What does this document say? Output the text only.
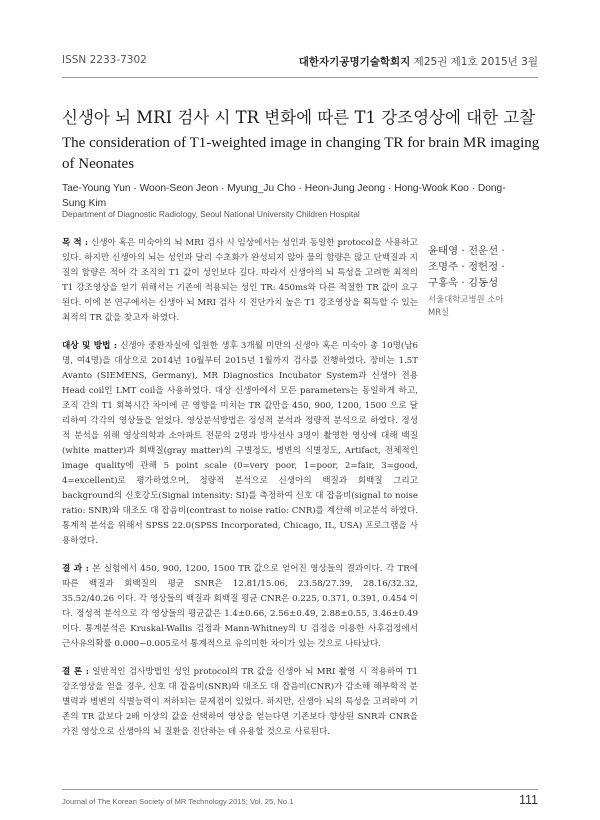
ISSN 2233-7302	대한자기공명기술학회지 제25권 제1호 2015년 3월
신생아 뇌 MRI 검사 시 TR 변화에 따른 T1 강조영상에 대한 고찰
The consideration of T1-weighted image in changing TR for brain MR imaging of Neonates
Tae-Young Yun · Woon-Seon Jeon · Myung_Ju Cho · Heon-Jung Jeong · Hong-Wook Koo · Dong-Sung Kim
Department of Diagnostic Radiology, Seoul National University Children Hospital

목 적 : 신생아 혹은 미숙아의 뇌 MRI 검사 시 임상에서는 성인과 동일한 protocol을 사용하고 있다. 하지만 신생아의 뇌는 성인과 달리 수초화가 완성되지 않아 물의 함량은 많고 단백질과 지질의 함량은 적어 각 조직의 T1 값이 성인보다 길다. 따라서 신생아의 뇌 특성을 고려한 최적의 T1 강조영상을 얻기 위해서는 기존에 적용되는 성인 TR: 450ms와 다른 적절한 TR 값이 요구된다. 이에 본 연구에서는 신생아 뇌 MRI 검사 시 진단가치 높은 T1 강조영상을 획득할 수 있는 최적의 TR 값을 찾고자 하였다.

대상 및 방법 : 신생아 중환자실에 입원한 생후 3개월 미만의 신생아 혹은 미숙아 총 10명(남6명, 여4명)을 대상으로 2014년 10월부터 2015년 1월까지 검사를 진행하였다. 장비는 1.5T Avanto (SIEMENS, Germany), MR Diagnostics Incubator System과 신생아 전용 Head coil인 LMT coil을 사용하였다. 대상 신생아에서 모든 parameters는 동일하게 하고, 조직 간의 T1 회복시간 차이에 큰 영향을 미치는 TR 값만을 450, 900, 1200, 1500 으로 달리하여 각각의 영상들을 얻었다. 영상분석방법은 정성적 분석과 정량적 분석으로 하였다. 정성적 분석을 위해 영상의학과 소아파트 전문의 2명과 방사선사 3명이 촬영한 영상에 대해 백질(white matter)과 회백질(gray matter)의 구별정도, 병변의 식별정도, Artifact, 전체적인 image quality에 관해 5 point scale (0=very poor, 1=poor, 2=fair, 3=good, 4=excellent)로 평가하였으며, 정량적 분석으로 신생아의 백질과 회백질 그리고 background의 신호강도(Signal intensity: SI)를 측정하여 신호 대 잡음비(signal to noise ratio: SNR)와 대조도 대 잡음비(contrast to noise ratio: CNR)를 계산해 비교분석 하였다. 통계적 분석을 위해서 SPSS 22.0(SPSS Incorporated, Chicago, IL, USA) 프로그램을 사용하였다.

결 과 : 본 실험에서 450, 900, 1200, 1500 TR 값으로 얻어진 영상들의 결과이다. 각 TR에 따른 백질과 회백질의 평균 SNR은 12.81/15.06, 23.58/27.39, 28.16/32.32, 35.52/40.26 이다. 각 영상들의 백질과 회백질 평균 CNR은 0.225, 0.371, 0.391, 0.454 이다. 정성적 분석으로 각 영상들의 평균값은 1.4±0.66, 2.56±0.49, 2.88±0.55, 3.46±0.49 이다. 통계분석은 Kruskal-Wallis 검정과 Mann-Whitney의 U 검정을 이용한 사후검정에서 근사유의확률 0.000~0.005로서 통계적으로 유의미한 차이가 있는 것으로 나타났다.

결 론 : 일반적인 검사방법인 성인 protocol의 TR 값을 신생아 뇌 MRI 촬영 시 적용하여 T1 강조영상을 얻을 경우, 신호 대 잡음비(SNR)와 대조도 대 잡음비(CNR)가 감소해 해부학적 분별력과 병변의 식별능력이 저하되는 문제점이 있었다. 하지만, 신생아 뇌의 특성을 고려하여 기존의 TR 값보다 2배 이상의 값을 선택하여 영상을 얻는다면 기존보다 향상된 SNR과 CNR을 가진 영상으로 신생아의 뇌 질환을 진단하는 데 유용할 것으로 사료된다.

윤태영 · 전운선 ·
조명주 · 정헌정 ·
구홍욱 · 김동성
서울대학교병원 소아
MR실
Journal of The Korean Society of MR Technology 2015; Vol. 25, No.1	111
